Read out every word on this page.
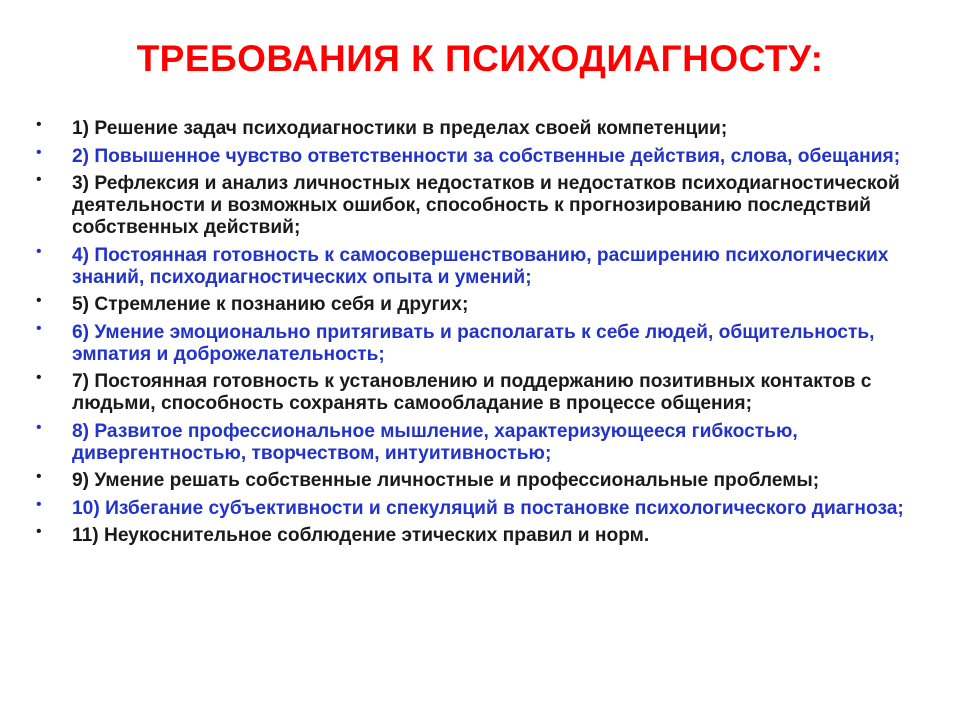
ТРЕБОВАНИЯ К ПСИХОДИАГНОСТУ:
• 1) Решение задач психодиагностики в пределах своей компетенции;
• 2) Повышенное чувство ответственности за собственные действия, слова, обещания;
• 3) Рефлексия и анализ личностных недостатков и недостатков психодиагностической деятельности и возможных ошибок, способность к прогнозированию последствий собственных действий;
• 4) Постоянная готовность к самосовершенствованию, расширению психологических знаний, психодиагностических опыта и умений;
• 5) Стремление к познанию себя и других;
• 6) Умение эмоционально притягивать и располагать к себе людей, общительность, эмпатия и доброжелательность;
• 7) Постоянная готовность к установлению и поддержанию позитивных контактов с людьми, способность сохранять самообладание в процессе общения;
• 8) Развитое профессиональное мышление, характеризующееся гибкостью, дивергентностью, творчеством, интуитивностью;
• 9) Умение решать собственные личностные и профессиональные проблемы;
• 10) Избегание субъективности и спекуляций в постановке психологического диагноза;
• 11) Неукоснительное соблюдение этических правил и норм.
